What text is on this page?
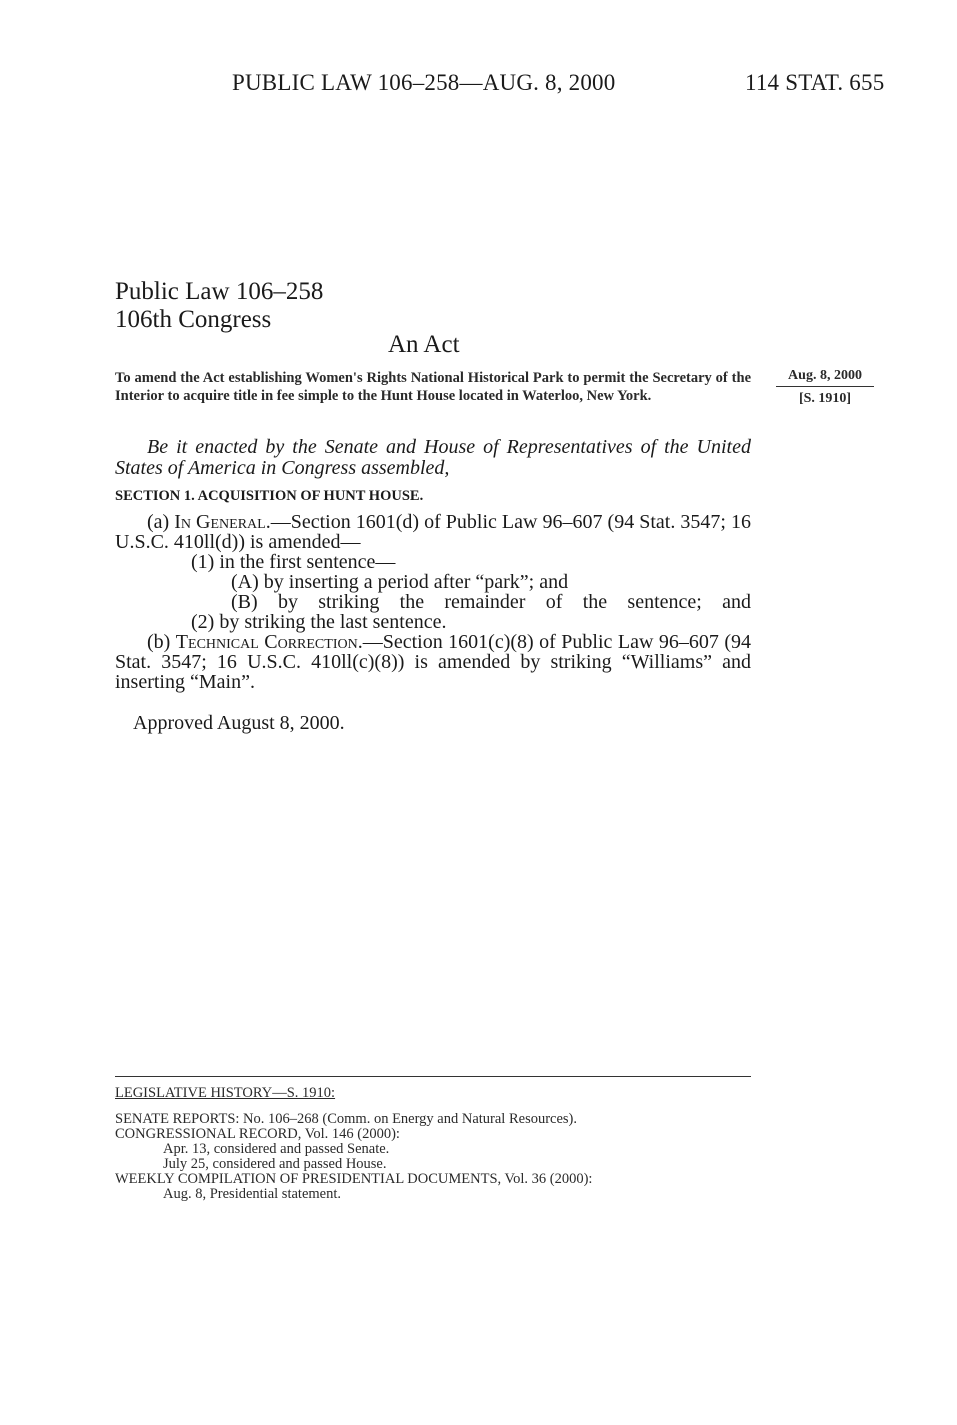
PUBLIC LAW 106–258—AUG. 8, 2000	114 STAT. 655
Public Law 106–258
106th Congress
An Act
To amend the Act establishing Women's Rights National Historical Park to permit the Secretary of the Interior to acquire title in fee simple to the Hunt House located in Waterloo, New York.
Aug. 8, 2000
[S. 1910]
Be it enacted by the Senate and House of Representatives of the United States of America in Congress assembled,
SECTION 1. ACQUISITION OF HUNT HOUSE.
(a) In General.—Section 1601(d) of Public Law 96–607 (94 Stat. 3547; 16 U.S.C. 410ll(d)) is amended—
(1) in the first sentence—
(A) by inserting a period after “park”; and
(B) by striking the remainder of the sentence; and
(2) by striking the last sentence.
(b) Technical Correction.—Section 1601(c)(8) of Public Law 96–607 (94 Stat. 3547; 16 U.S.C. 410ll(c)(8)) is amended by striking “Williams” and inserting “Main”.
Approved August 8, 2000.
LEGISLATIVE HISTORY—S. 1910:
SENATE REPORTS: No. 106–268 (Comm. on Energy and Natural Resources).
CONGRESSIONAL RECORD, Vol. 146 (2000):
Apr. 13, considered and passed Senate.
July 25, considered and passed House.
WEEKLY COMPILATION OF PRESIDENTIAL DOCUMENTS, Vol. 36 (2000):
Aug. 8, Presidential statement.
